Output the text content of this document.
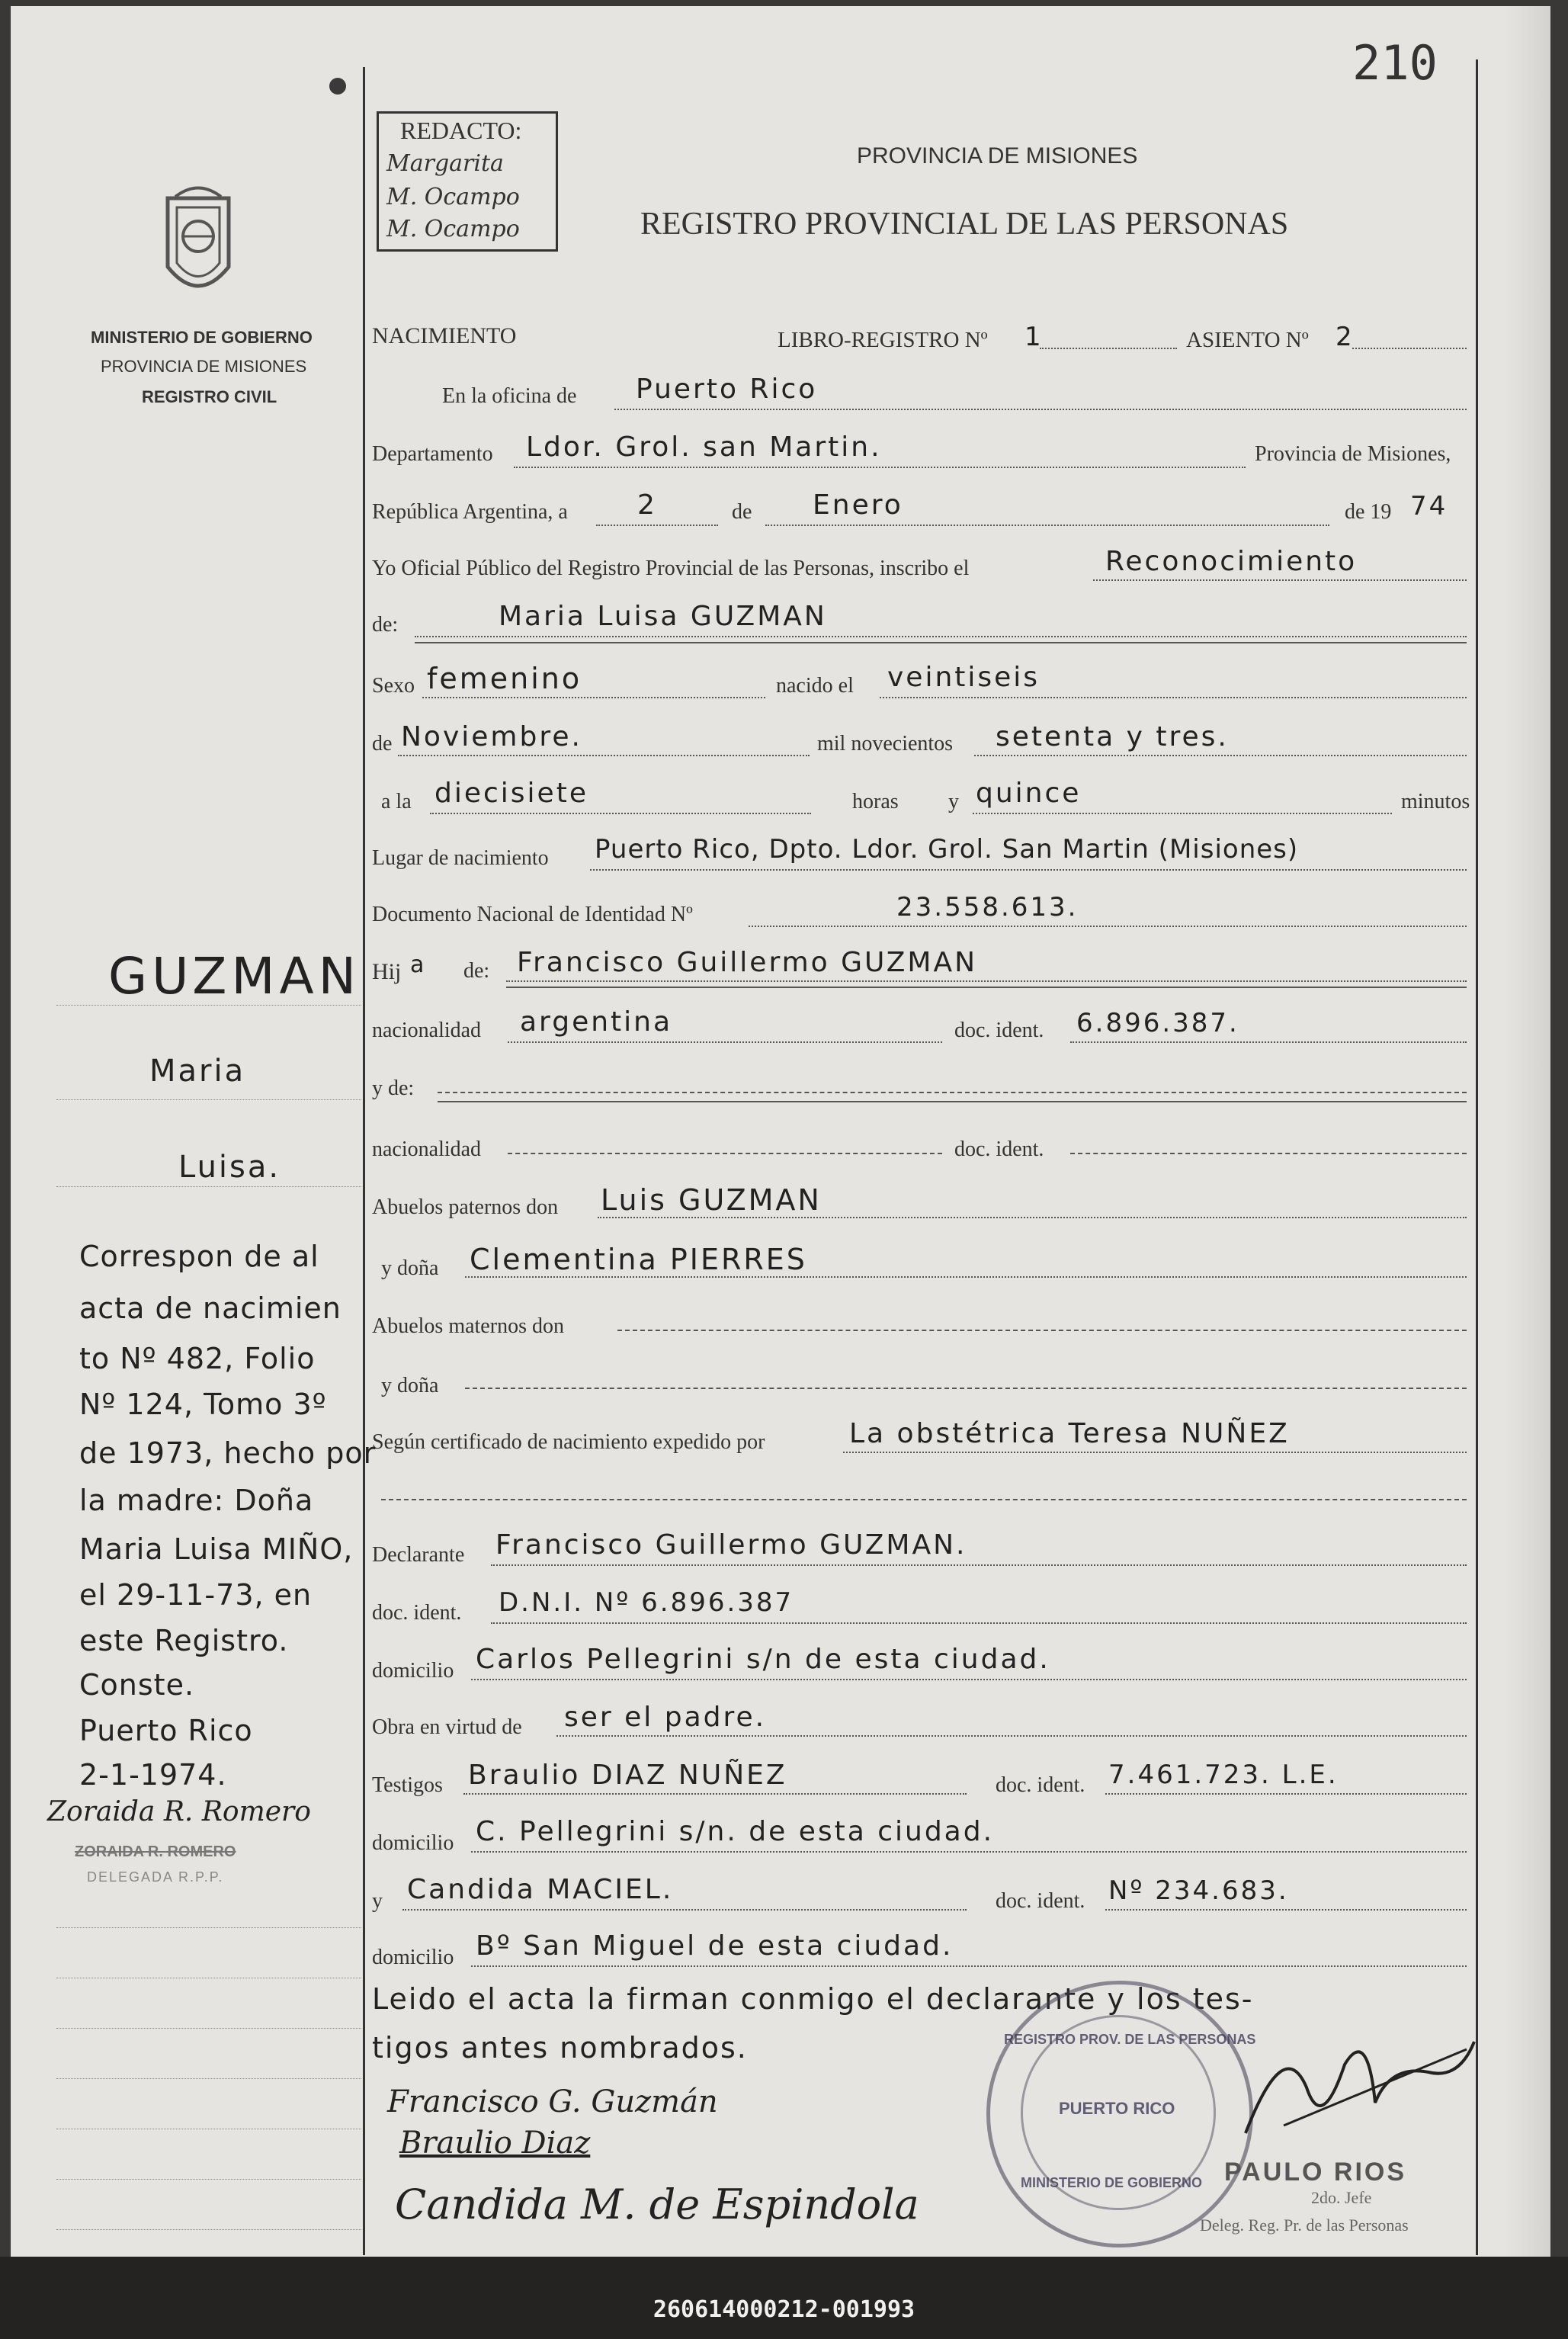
210
REDACTO:
Margarita
M. Ocampo
M. Ocampo
MINISTERIO DE GOBIERNO
PROVINCIA DE MISIONES
REGISTRO CIVIL
PROVINCIA DE MISIONES
REGISTRO PROVINCIAL DE LAS PERSONAS
NACIMIENTO	LIBRO-REGISTRO Nº 1	ASIENTO Nº 2
En la oficina de Puerto Rico
Departamento Ldor. Grol. san Martin.	Provincia de Misiones,
República Argentina, a	2	de Enero	de 19 74
Yo Oficial Público del Registro Provincial de las Personas, inscribo el	Reconocimiento
de:	Maria Luisa GUZMAN
Sexo femenino	nacido el veintiseis
de Noviembre.	mil novecientos setenta y tres.
a la diecisiete	horas y quince	minutos
Lugar de nacimiento Puerto Rico, Dpto. Ldor. Grol. San Martin (Misiones)
Documento Nacional de Identidad Nº	23.558.613.
Hij a de: Francisco Guillermo GUZMAN
nacionalidad argentina	doc. ident. 6.896.387.
y de:
nacionalidad	doc. ident.
Abuelos paternos don Luis GUZMAN
y doña Clementina PIERRES
Abuelos maternos don
y doña
Según certificado de nacimiento expedido por	La obstétrica Teresa NUÑEZ
Declarante Francisco Guillermo GUZMAN.
doc. ident. D.N.I. Nº 6.896.387
domicilio Carlos Pellegrini s/n de esta ciudad.
Obra en virtud de ser el padre.
Testigos Braulio DIAZ NUÑEZ	doc. ident. 7.461.723. L.E.
domicilio C. Pellegrini s/n. de esta ciudad.
y Candida MACIEL.	doc. ident. Nº 234.683.
domicilio Bº San Miguel de esta ciudad.
Leido el acta la firman conmigo el declarante y los tes-
tigos antes nombrados.
Francisco G. Guzmán
Braulio Diaz
Candida M. de Espindola
REGISTRO PROV. DE LAS PERSONAS
PUERTO RICO
MINISTERIO DE GOBIERNO PAULO RIOS
2do. Jefe
Deleg. Reg. Pr. de las Personas
GUZMAN
Maria
Luisa.
Correspon de al
acta de nacimien
to Nº 482, Folio
Nº 124, Tomo 3º
de 1973, hecho por
la madre: Doña
Maria Luisa MIÑO,
el 29-11-73, en
este Registro.
Conste.
Puerto Rico
2-1-1974.
Zoraida R. Romero
ZORAIDA R. ROMERO
DELEGADA R.P.P.
260614000212-001993
